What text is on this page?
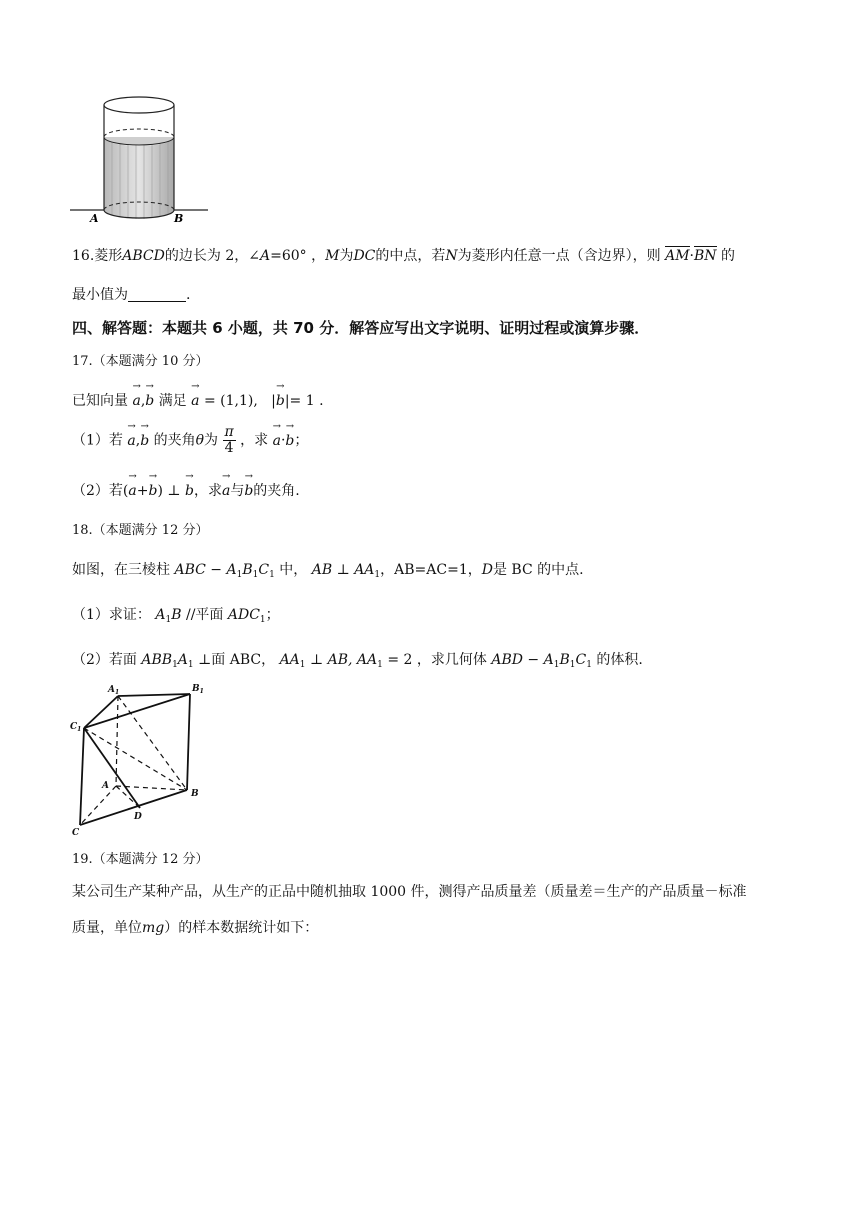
A	B
16.菱形ABCD的边长为 2，∠A=60° ，M为DC的中点，若N为菱形内任意一点（含边界），则 AM·BN 的
最小值为	.
四、解答题：本题共 6 小题，共 70 分．解答应写出文字说明、证明过程或演算步骤．
17.（本题满分 10 分）
已知向量 a →,b → 满足 a → = (1,1), |b →|= 1 .
（1）若 a →,b → 的夹角θ为 $\frac{\pi}{4}$ ，求 a →·b →；
（2）若(a →+b →) ⊥ b →，求a →与b →的夹角.
18.（本题满分 12 分）
如图，在三棱柱 ABC − $A_1B_1C_1$ 中， AB ⊥ $AA_1$，AB=AC=1，D是 BC 的中点.
（1）求证： $A_1B$ //平面 $ADC_1$；
（2）若面 $ABB_1A_1$ ⊥面 ABC， $AA_1$ ⊥ AB, $AA_1 = 2$ ，求几何体 ABD − $A_1B_1C_1$ 的体积.
$A_1$	$B_1$
$C_1$
A
B
C
D
19.（本题满分 12 分）
某公司生产某种产品，从生产的正品中随机抽取 1000 件，测得产品质量差（质量差＝生产的产品质量－标准
质量，单位mg）的样本数据统计如下：
